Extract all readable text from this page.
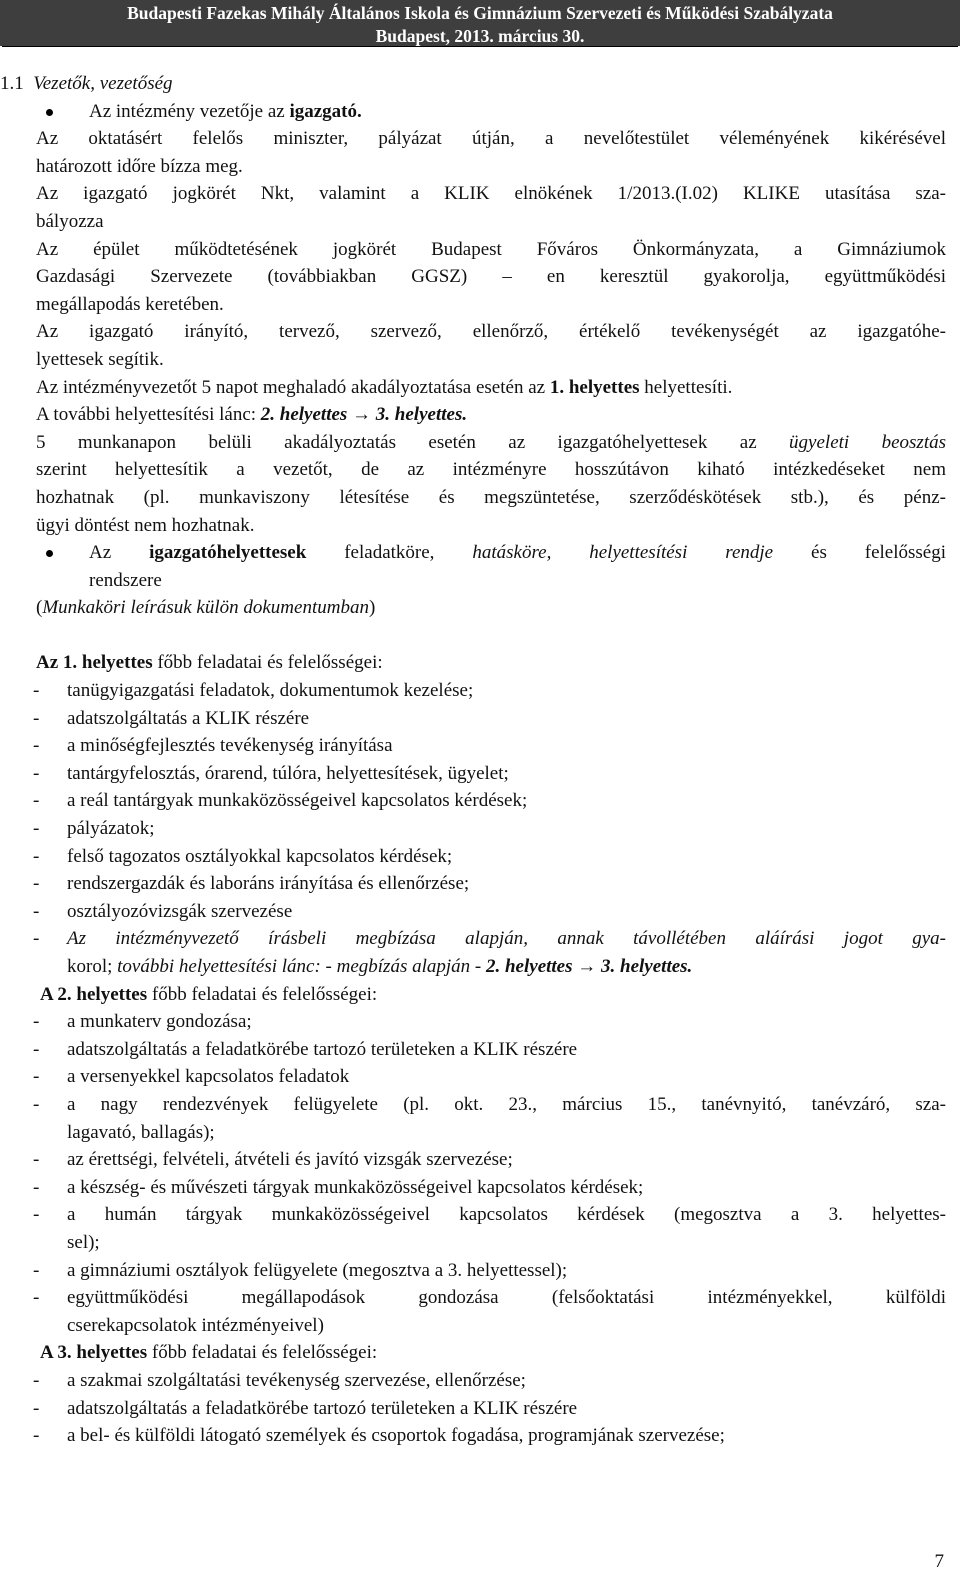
Budapesti Fazekas Mihály Általános Iskola és Gimnázium Szervezeti és Működési Szabályzata
Budapest, 2013. március 30.
1.1 Vezetők, vezetőség
Az intézmény vezetője az igazgató.
Az oktatásért felelős miniszter, pályázat útján, a nevelőtestület véleményének kikérésével
határozott időre bízza meg.
Az igazgató jogkörét Nkt, valamint a KLIK elnökének 1/2013.(I.02) KLIKE utasítása sza-
bályozza
Az épület működtetésének jogkörét Budapest Főváros Önkormányzata, a Gimnáziumok
Gazdasági Szervezete (továbbiakban GGSZ) – en keresztül gyakorolja, együttműködési
megállapodás keretében.
Az igazgató irányító, tervező, szervező, ellenőrző, értékelő tevékenységét az igazgatóhe-
lyettesek segítik.
Az intézményvezetőt 5 napot meghaladó akadályoztatása esetén az 1. helyettes helyettesíti.
A további helyettesítési lánc: 2. helyettes → 3. helyettes.
5 munkanapon belüli akadályoztatás esetén az igazgatóhelyettesek az ügyeleti beosztás
szerint helyettesítik a vezetőt, de az intézményre hosszútávon kiható intézkedéseket nem
hozhatnak (pl. munkaviszony létesítése és megszüntetése, szerződéskötések stb.), és pénz-
ügyi döntést nem hozhatnak.
Az igazgatóhelyettesek feladatköre, hatásköre, helyettesítési rendje és felelősségi
rendszere
(Munkaköri leírásuk külön dokumentumban)
Az 1. helyettes főbb feladatai és felelősségei:
- tanügyigazgatási feladatok, dokumentumok kezelése;
- adatszolgáltatás a KLIK részére
- a minőségfejlesztés tevékenység irányítása
- tantárgyfelosztás, órarend, túlóra, helyettesítések, ügyelet;
- a reál tantárgyak munkaközösségeivel kapcsolatos kérdések;
- pályázatok;
- felső tagozatos osztályokkal kapcsolatos kérdések;
- rendszergazdák és laboráns irányítása és ellenőrzése;
- osztályozóvizsgák szervezése
- Az intézményvezető írásbeli megbízása alapján, annak távollétében aláírási jogot gya-
korol; további helyettesítési lánc: - megbízás alapján - 2. helyettes → 3. helyettes.
A 2. helyettes főbb feladatai és felelősségei:
- a munkaterv gondozása;
- adatszolgáltatás a feladatkörébe tartozó területeken a KLIK részére
- a versenyekkel kapcsolatos feladatok
- a nagy rendezvények felügyelete (pl. okt. 23., március 15., tanévnyitó, tanévzáró, sza-
lagavató, ballagás);
- az érettségi, felvételi, átvételi és javító vizsgák szervezése;
- a készség- és művészeti tárgyak munkaközösségeivel kapcsolatos kérdések;
- a humán tárgyak munkaközösségeivel kapcsolatos kérdések (megosztva a 3. helyettes-
sel);
- a gimnáziumi osztályok felügyelete (megosztva a 3. helyettessel);
- együttműködési megállapodások gondozása (felsőoktatási intézményekkel, külföldi
cserekapcsolatok intézményeivel)
A 3. helyettes főbb feladatai és felelősségei:
- a szakmai szolgáltatási tevékenység szervezése, ellenőrzése;
- adatszolgáltatás a feladatkörébe tartozó területeken a KLIK részére
- a bel- és külföldi látogató személyek és csoportok fogadása, programjának szervezése;
7
